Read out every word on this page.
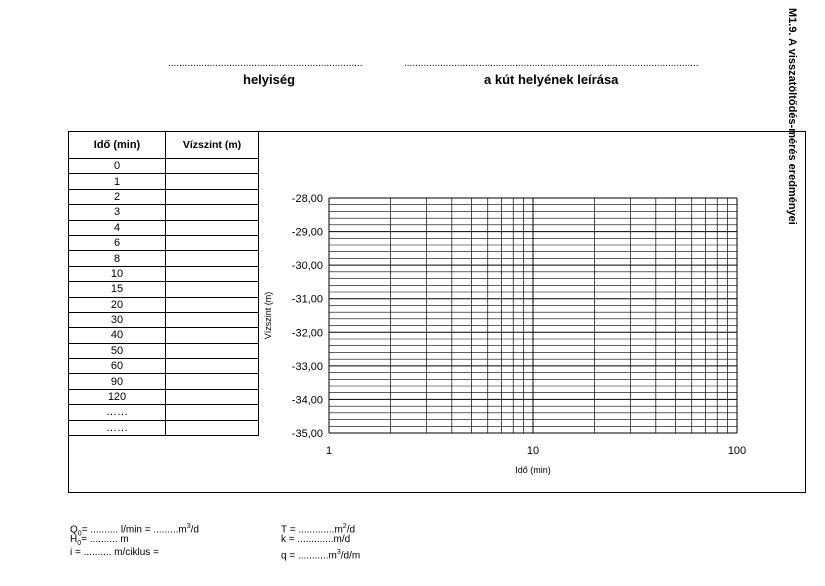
......................................................................
helyiség
..........................................................................................................
a kút helyének leírása	M1.9. A visszatöltődés-mérés eredményei
Idő (min)	Vízszint (m)
0	
1	
2	
3	
4	
6	
8	
10	
15	
20	
30	
40	
50	
60	
90	
120	
……	
……	
-28,00
-29,00
-30,00
-31,00
-32,00
-33,00
-34,00
-35,00
1	10	100
Idő (min)
Vízszint (m)
$Q_0=$ .......... $l/\min = .........m^3/d$
$H_0=$ .......... m
i = .......... m/ciklus =
$T = .............m^2/d$
k = .............m/d
$q = ...........m^3/d/m$
